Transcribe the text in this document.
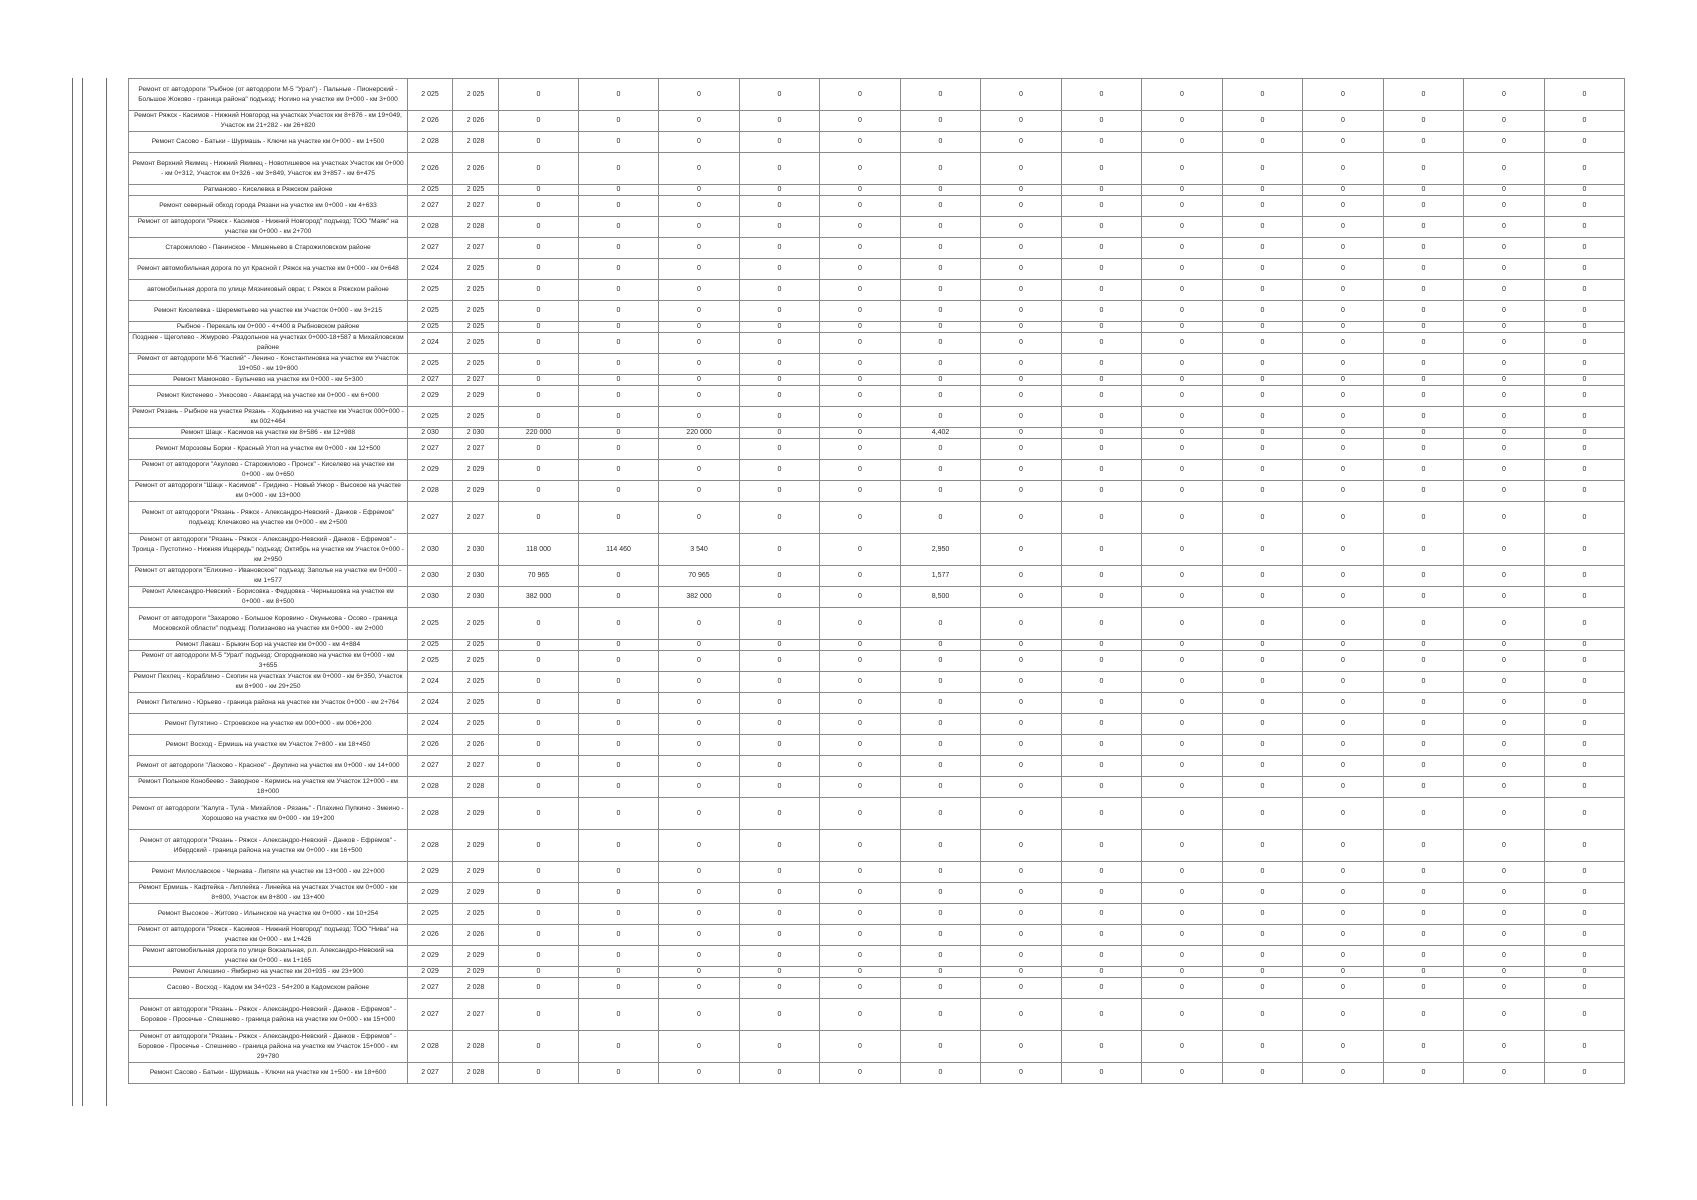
Ремонт от автодороги "Рыбное (от автодороги М-5 "Урал") - Пальные - Пионерский - Большое Жоково - граница района" подъезд: Ногино на участке км 0+000 - км 3+000	2 025	2 025	0	0	0	0	0	0	0	0	0	0	0	0	0	0
Ремонт Ряжск - Касимов - Нижний Новгород на участках Участок км 8+876 - км 19+049, Участок км 21+282 - км 26+820	2 026	2 026	0	0	0	0	0	0	0	0	0	0	0	0	0	0
Ремонт Сасово - Батьки - Шурмашь - Ключи на участке км 0+000 - км 1+500	2 028	2 028	0	0	0	0	0	0	0	0	0	0	0	0	0	0
Ремонт Верхний Якимец - Нижний Якимец - Новотишевое на участках Участок км 0+000 - км 0+312, Участок км 0+326 - км 3+849, Участок км 3+857 - км 6+475	2 026	2 026	0	0	0	0	0	0	0	0	0	0	0	0	0	0
Ратманово - Киселевка в Ряжском районе	2 025	2 025	0	0	0	0	0	0	0	0	0	0	0	0	0	0
Ремонт северный обход города Рязани на участке км 0+000 - км 4+633	2 027	2 027	0	0	0	0	0	0	0	0	0	0	0	0	0	0
Ремонт от автодороги "Ряжск - Касимов - Нижний Новгород" подъезд: ТОО "Маяк" на участке км 0+000 - км 2+700	2 028	2 028	0	0	0	0	0	0	0	0	0	0	0	0	0	0
Старожилово - Панинское - Мишеньево в Старожиловском районе	2 027	2 027	0	0	0	0	0	0	0	0	0	0	0	0	0	0
Ремонт автомобильная дорога по ул Красной г Ряжск на участке км 0+000 - км 0+648	2 024	2 025	0	0	0	0	0	0	0	0	0	0	0	0	0	0
автомобильная дорога по улице Мязниковый овраг, г. Ряжск в Ряжском районе	2 025	2 025	0	0	0	0	0	0	0	0	0	0	0	0	0	0
Ремонт Киселевка - Шереметьево на участке км Участок 0+000 - км 3+215	2 025	2 025	0	0	0	0	0	0	0	0	0	0	0	0	0	0
Рыбное - Перекаль км 0+000 - 4+400 в Рыбновском районе	2 025	2 025	0	0	0	0	0	0	0	0	0	0	0	0	0	0
Позднее - Щеголево - Жмурово -Раздольное на участках 0+000-18+587 в Михайловском районе	2 024	2 025	0	0	0	0	0	0	0	0	0	0	0	0	0	0
Ремонт от автодороги М-6 "Каспий" - Ленино - Константиновка на участке км Участок 19+050 - км 19+800	2 025	2 025	0	0	0	0	0	0	0	0	0	0	0	0	0	0
Ремонт Мамоново - Булычево на участке км 0+000 - км 5+300	2 027	2 027	0	0	0	0	0	0	0	0	0	0	0	0	0	0
Ремонт Кистенево - Ункосово - Авангард на участке км 0+000 - км 6+000	2 029	2 029	0	0	0	0	0	0	0	0	0	0	0	0	0	0
Ремонт Рязань - Рыбное на участке Рязань - Ходынино на участке км Участок 000+000 - км 002+464	2 025	2 025	0	0	0	0	0	0	0	0	0	0	0	0	0	0
Ремонт Шацк - Касимов на участке км 8+586 - км 12+988	2 030	2 030	220 000	0	220 000	0	0	4,402	0	0	0	0	0	0	0	0
Ремонт Морозовы Борки - Красный Угол на участке км 0+000 - км 12+500	2 027	2 027	0	0	0	0	0	0	0	0	0	0	0	0	0	0
Ремонт от автодороги "Акулово - Старожилово - Пронск" - Киселево на участке км 0+000 - км 0+650	2 029	2 029	0	0	0	0	0	0	0	0	0	0	0	0	0	0
Ремонт от автодороги "Шацк - Касимов" - Гридино - Новый Ункор - Высокое на участке км 0+000 - км 13+000	2 028	2 029	0	0	0	0	0	0	0	0	0	0	0	0	0	0
Ремонт от автодороги "Рязань - Ряжск - Александро-Невский - Данков - Ефремов" подъезд: Клечаково на участке км 0+000 - км 2+500	2 027	2 027	0	0	0	0	0	0	0	0	0	0	0	0	0	0
Ремонт от автодороги "Рязань - Ряжск - Александро-Невский - Данков - Ефремов" - Троица - Пустотино - Нижняя Ищередь" подъезд: Октябрь на участке км Участок 0+000 - км 2+950	2 030	2 030	118 000	114 460	3 540	0	0	2,950	0	0	0	0	0	0	0	0
Ремонт от автодороги "Елихино - Ивановское" подъезд: Заполье на участке км 0+000 - км 1+577	2 030	2 030	70 965	0	70 965	0	0	1,577	0	0	0	0	0	0	0	0
Ремонт Александро-Невский - Борисовка - Федцовка - Чернышовка на участке км 0+000 - км 8+500	2 030	2 030	382 000	0	382 000	0	0	8,500	0	0	0	0	0	0	0	0
Ремонт от автодороги "Захарово - Большое Коровино - Окунькова - Осово - граница Московской области" подъезд: Полизаново на участке км 0+000 - км 2+000	2 025	2 025	0	0	0	0	0	0	0	0	0	0	0	0	0	0
Ремонт Лакаш - Брыкин Бор на участке км 0+000 - км 4+884	2 025	2 025	0	0	0	0	0	0	0	0	0	0	0	0	0	0
Ремонт от автодороги М-5 "Урал" подъезд: Огородниково на участке км 0+000 - км 3+655	2 025	2 025	0	0	0	0	0	0	0	0	0	0	0	0	0	0
Ремонт Пехлец - Кораблино - Скопин на участках Участок км 0+000 - км 6+350, Участок км 8+900 - км 29+250	2 024	2 025	0	0	0	0	0	0	0	0	0	0	0	0	0	0
Ремонт Пителино - Юрьево - граница района на участке км Участок 0+000 - км 2+764	2 024	2 025	0	0	0	0	0	0	0	0	0	0	0	0	0	0
Ремонт Путятино - Строевское на участке км 000+000 - км 006+200	2 024	2 025	0	0	0	0	0	0	0	0	0	0	0	0	0	0
Ремонт Восход - Ермишь на участке км Участок 7+800 - км 18+450	2 026	2 026	0	0	0	0	0	0	0	0	0	0	0	0	0	0
Ремонт от автодороги "Ласково - Красное" - Деулино на участке км 0+000 - км 14+000	2 027	2 027	0	0	0	0	0	0	0	0	0	0	0	0	0	0
Ремонт Польное Конобеево - Заводное - Кермись на участке км Участок 12+000 - км 18+000	2 028	2 028	0	0	0	0	0	0	0	0	0	0	0	0	0	0
Ремонт от автодороги "Калуга - Тула - Михайлов - Рязань" - Плахино Пупкино - Змеино - Хорошово на участке км 0+000 - км 19+200	2 028	2 029	0	0	0	0	0	0	0	0	0	0	0	0	0	0
Ремонт от автодороги "Рязань - Ряжск - Александро-Невский - Данков - Ефремов" - Ибердский - граница района на участке км 0+000 - км 16+500	2 028	2 029	0	0	0	0	0	0	0	0	0	0	0	0	0	0
Ремонт Милославское - Чернава - Липяги на участке км 13+000 - км 22+000	2 029	2 029	0	0	0	0	0	0	0	0	0	0	0	0	0	0
Ремонт Ермишь - Кафтейка - Липлейка - Линейка на участках Участок км 0+000 - км 8+800, Участок км 8+800 - км 13+400	2 029	2 029	0	0	0	0	0	0	0	0	0	0	0	0	0	0
Ремонт Высокое - Житово - Ильинское на участке км 0+000 - км 10+254	2 025	2 025	0	0	0	0	0	0	0	0	0	0	0	0	0	0
Ремонт от автодороги "Ряжск - Касимов - Нижний Новгород" подъезд: ТОО "Нива" на участке км 0+000 - км 1+426	2 026	2 026	0	0	0	0	0	0	0	0	0	0	0	0	0	0
Ремонт автомобильная дорога по улице Вокзальная, р.п. Александро-Невский на участке км 0+000 - км 1+165	2 029	2 029	0	0	0	0	0	0	0	0	0	0	0	0	0	0
Ремонт Алешино - Ямбирно на участке км 20+935 - км 23+900	2 029	2 029	0	0	0	0	0	0	0	0	0	0	0	0	0	0
Сасово - Восход - Кадом км 34+023 - 54+200 в Кадомском районе	2 027	2 028	0	0	0	0	0	0	0	0	0	0	0	0	0	0
Ремонт от автодороги "Рязань - Ряжск - Александро-Невский - Данков - Ефремов" - Боровое - Просечье - Спешнево - граница района на участке км 0+000 - км 15+000	2 027	2 027	0	0	0	0	0	0	0	0	0	0	0	0	0	0
Ремонт от автодороги "Рязань - Ряжск - Александро-Невский - Данков - Ефремов" - Боровое - Просечье - Спешнево - граница района на участке км Участок 15+000 - км 29+780	2 028	2 028	0	0	0	0	0	0	0	0	0	0	0	0	0	0
Ремонт Сасово - Батьки - Шурмашь - Ключи на участке км 1+500 - км 18+600	2 027	2 028	0	0	0	0	0	0	0	0	0	0	0	0	0	0
